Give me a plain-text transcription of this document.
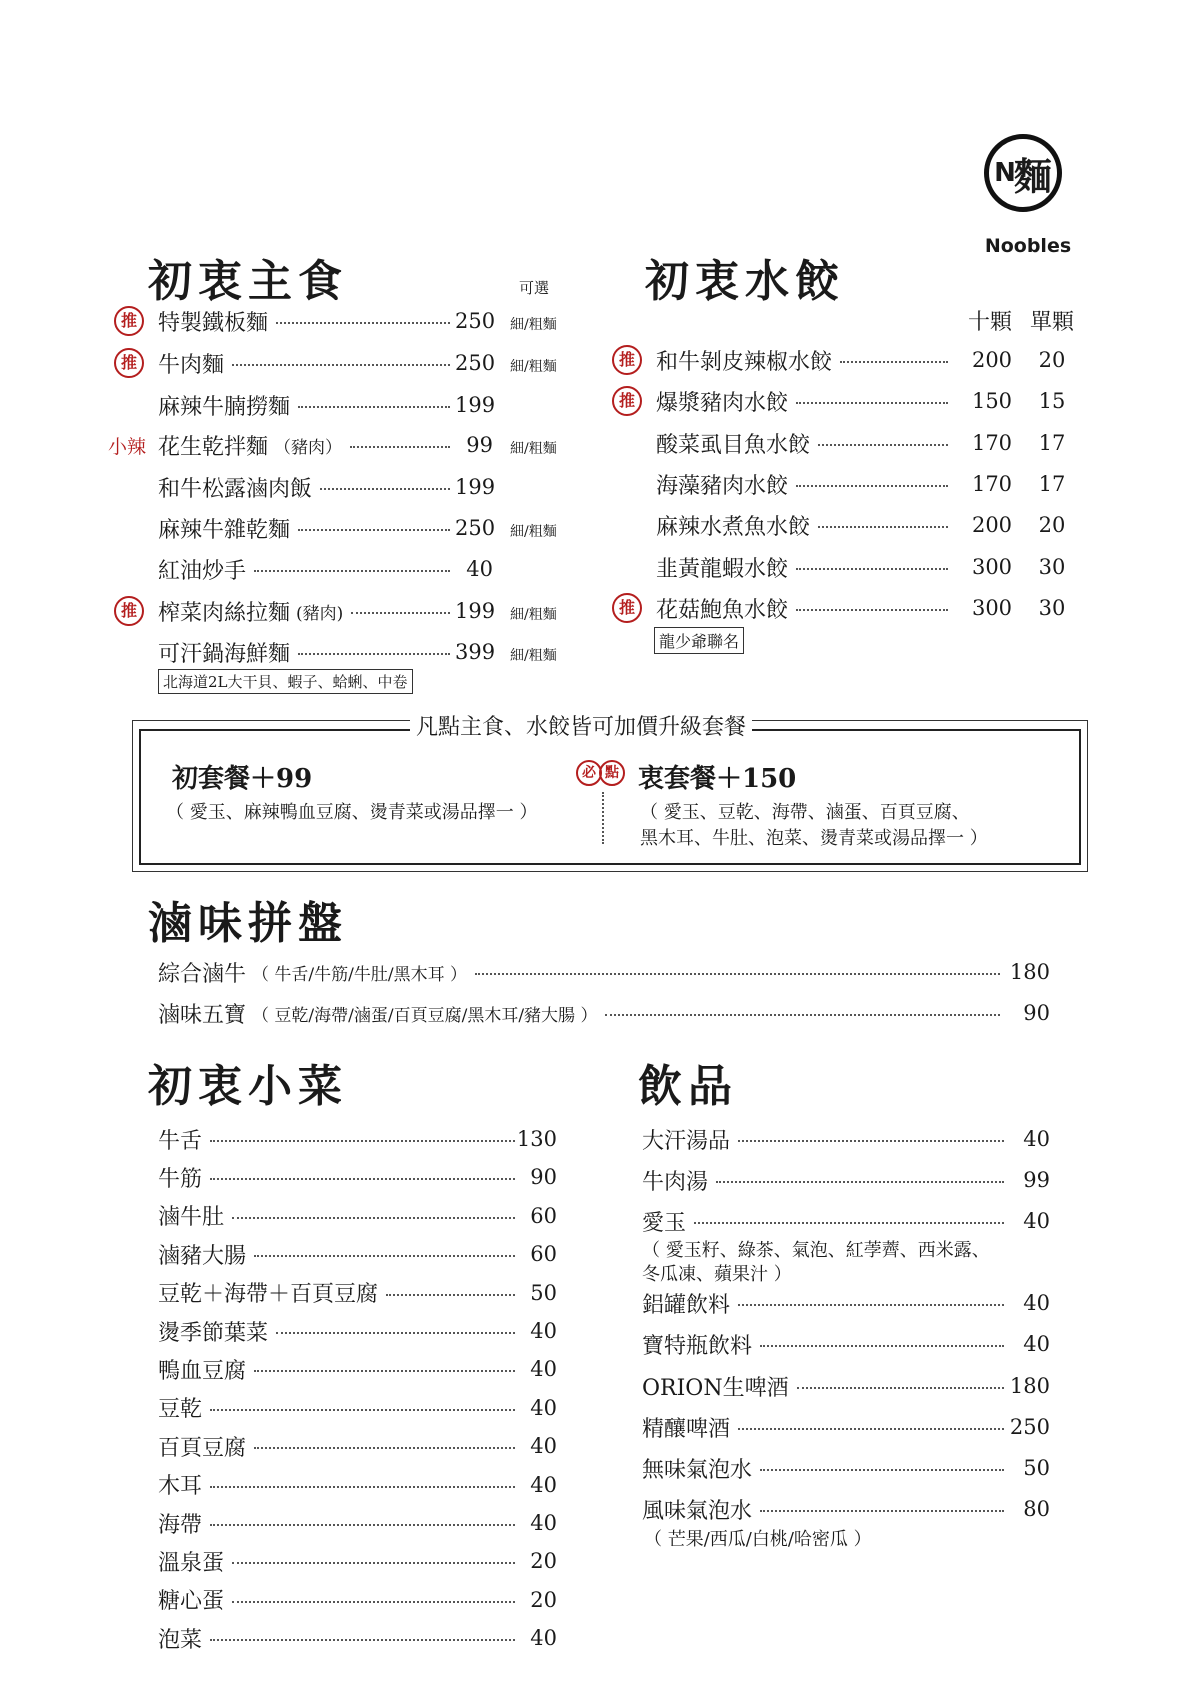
N
麵
Noobles
初衷主食	可選
推 特製鐵板麵	250 細/粗麵
推 牛肉麵	250 細/粗麵
麻辣牛腩撈麵	199
小辣 花生乾拌麵 （豬肉）	99 細/粗麵
和牛松露滷肉飯	199
麻辣牛雜乾麵	250 細/粗麵
紅油炒手	40
推 榨菜肉絲拉麵 (豬肉)	199 細/粗麵
可汗鍋海鮮麵	399 細/粗麵
北海道2L大干貝、蝦子、蛤蜊、中卷
初衷水餃
十顆 單顆
推 和牛剝皮辣椒水餃	200 20
推 爆漿豬肉水餃	150 15
酸菜虱目魚水餃	170 17
海藻豬肉水餃	170 17
麻辣水煮魚水餃	200 20
韭黃龍蝦水餃	300 30
推 花菇鮑魚水餃	300 30
龍少爺聯名
凡點主食、水餃皆可加價升級套餐
初套餐＋99
（ 愛玉、麻辣鴨血豆腐、燙青菜或湯品擇一 ）
必 點 衷套餐＋150
（ 愛玉、豆乾、海帶、滷蛋、百頁豆腐、
黑木耳、牛肚、泡菜、燙青菜或湯品擇一 ）
滷味拼盤
綜合滷牛 （ 牛舌/牛筋/牛肚/黑木耳 ）	180
滷味五寶 （ 豆乾/海帶/滷蛋/百頁豆腐/黑木耳/豬大腸 ）	90
初衷小菜
牛舌	130
牛筋	90
滷牛肚	60
滷豬大腸	60
豆乾＋海帶＋百頁豆腐	50
燙季節葉菜	40
鴨血豆腐	40
豆乾	40
百頁豆腐	40
木耳	40
海帶	40
溫泉蛋	20
糖心蛋	20
泡菜	40
飲品
大汗湯品	40
牛肉湯	99
愛玉	40
鋁罐飲料	40
寶特瓶飲料	40
ORION生啤酒	180
精釀啤酒	250
無味氣泡水	50
風味氣泡水	80
（ 愛玉籽、綠茶、氣泡、紅荸薺、西米露、
冬瓜凍、蘋果汁 ）
（ 芒果/西瓜/白桃/哈密瓜 ）
